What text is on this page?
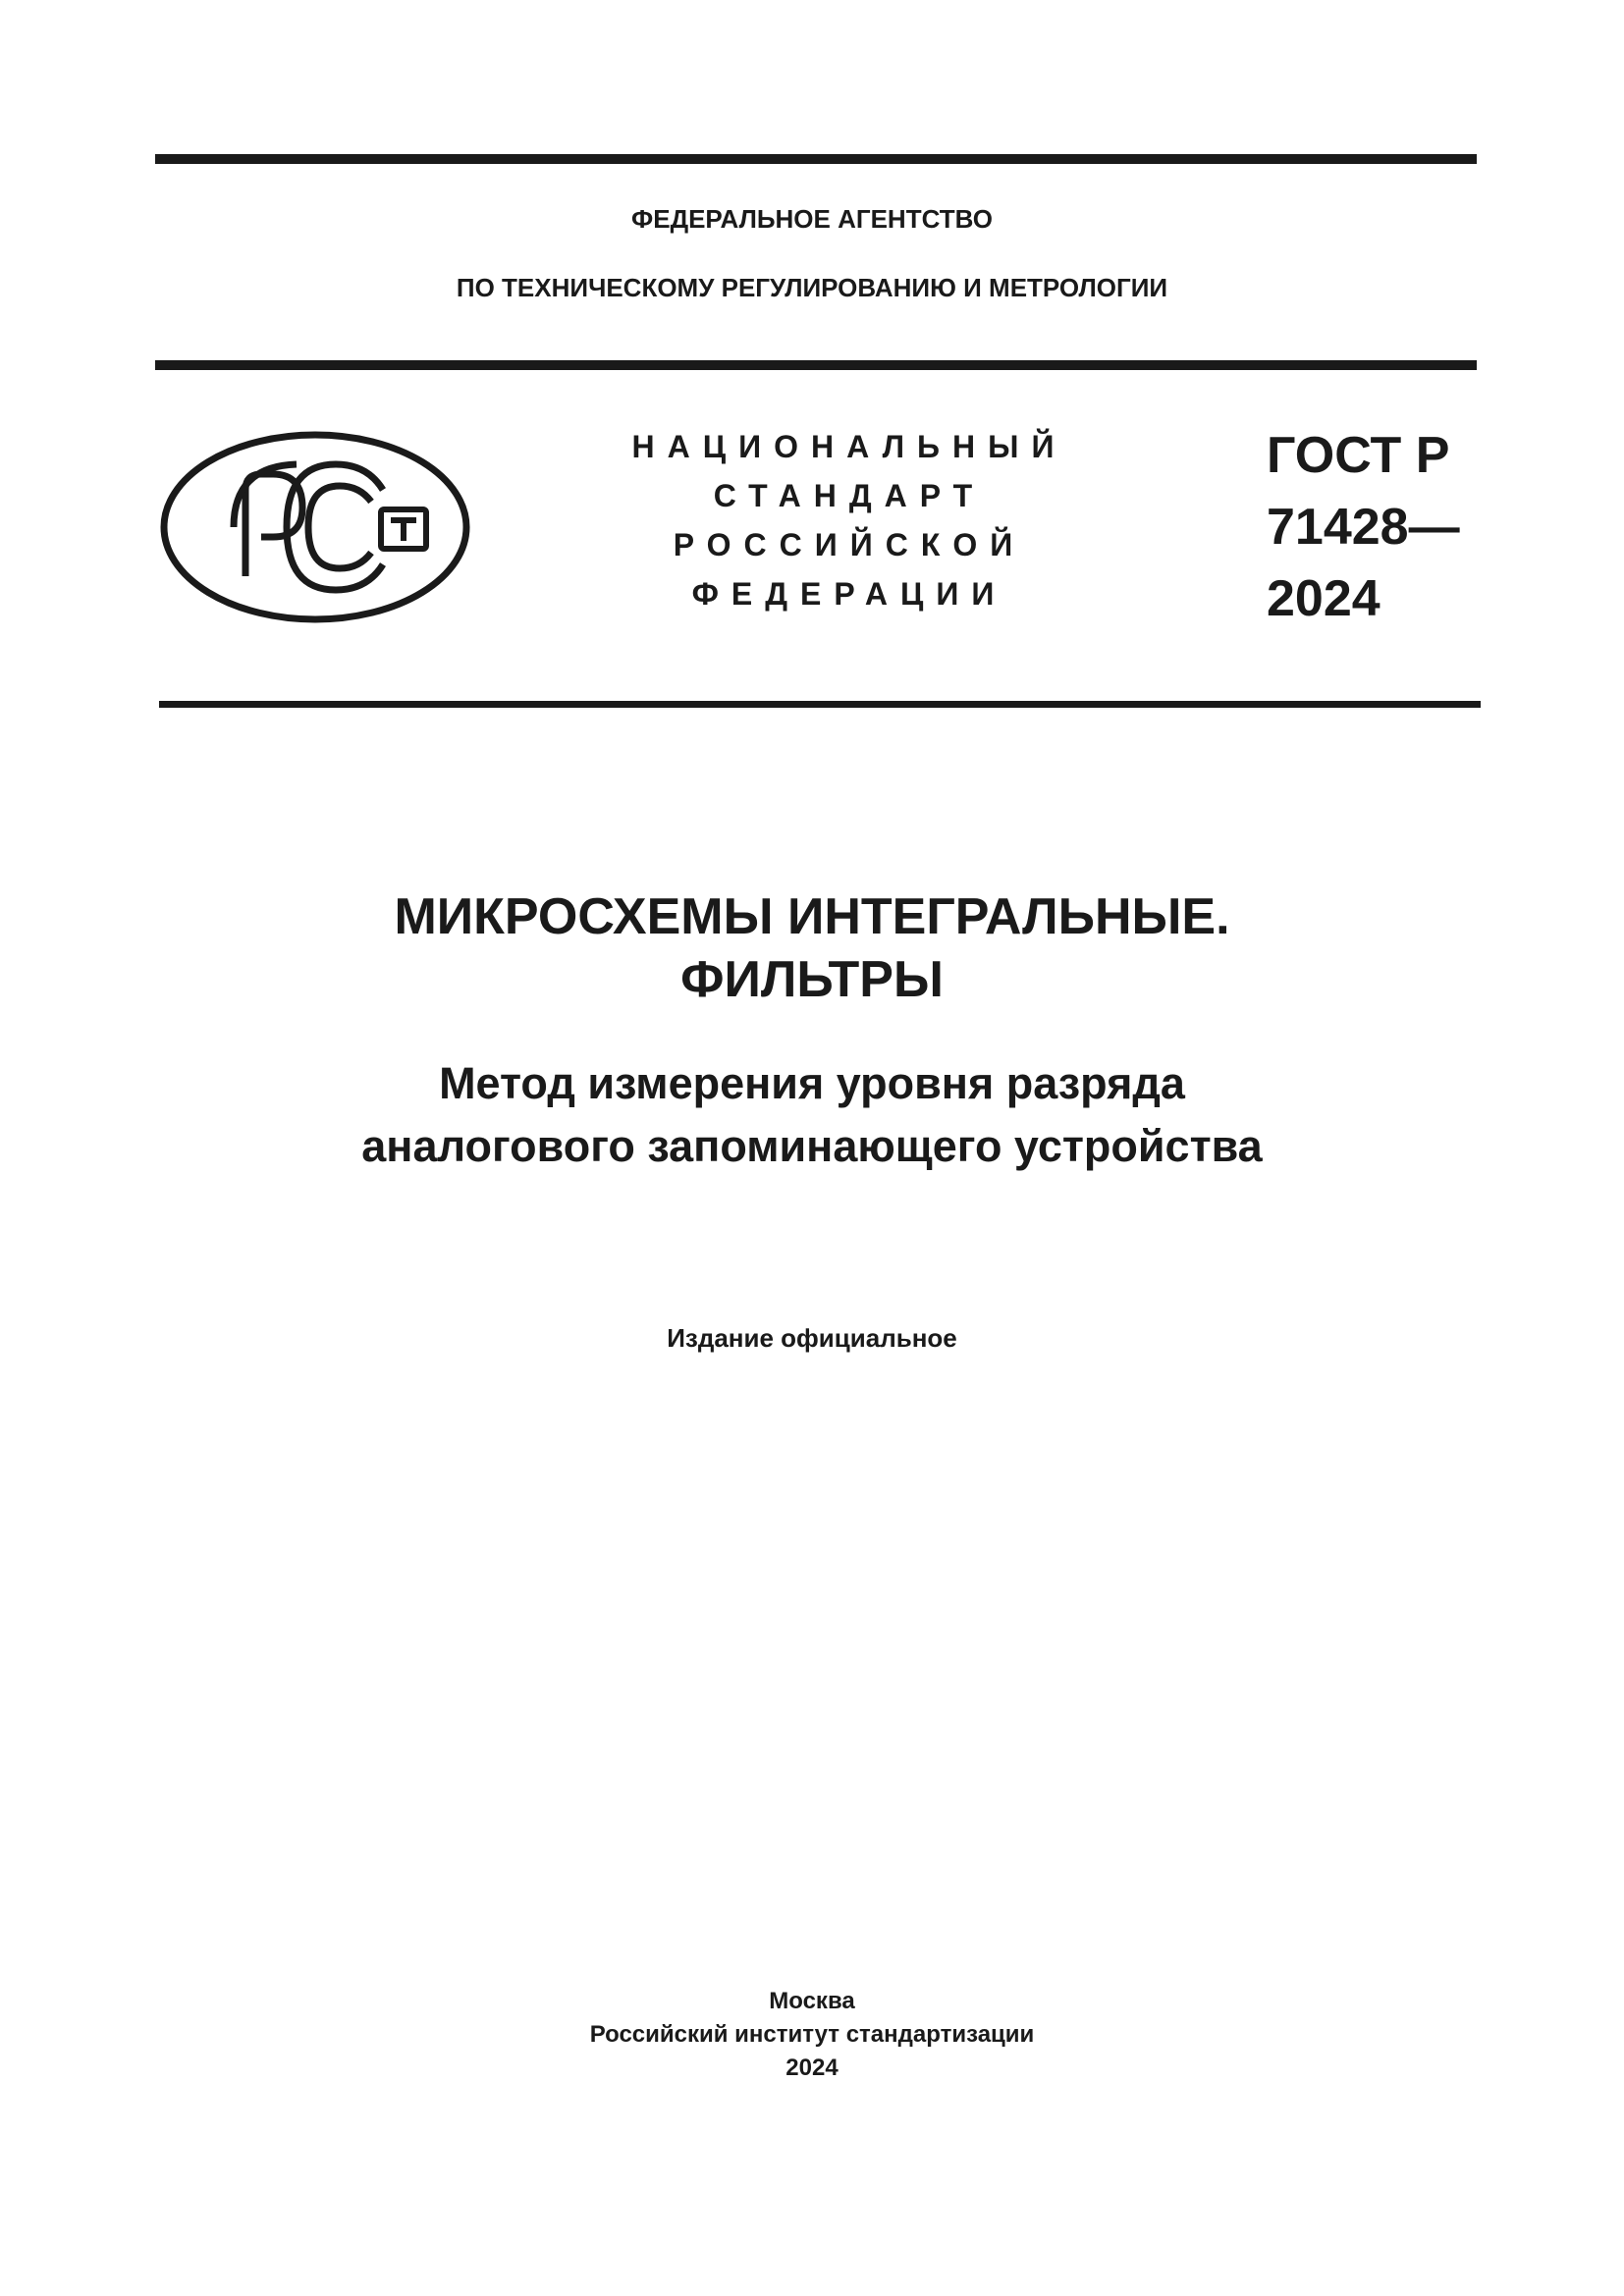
ФЕДЕРАЛЬНОЕ АГЕНТСТВО
ПО ТЕХНИЧЕСКОМУ РЕГУЛИРОВАНИЮ И МЕТРОЛОГИИ
НАЦИОНАЛЬНЫЙ
СТАНДАРТ
РОССИЙСКОЙ
ФЕДЕРАЦИИ
ГОСТ Р
71428—
2024
МИКРОСХЕМЫ ИНТЕГРАЛЬНЫЕ.
ФИЛЬТРЫ
Метод измерения уровня разряда
аналогового запоминающего устройства
Издание официальное
Москва
Российский институт стандартизации
2024
